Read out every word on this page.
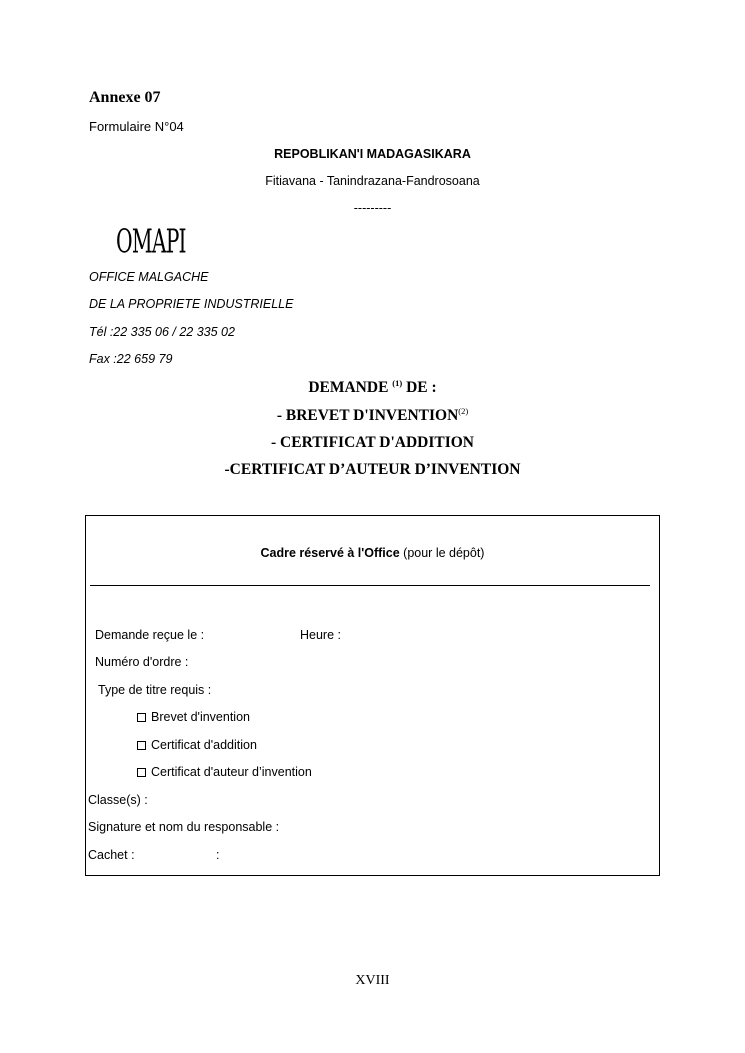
Annexe 07
Formulaire N°04
REPOBLIKAN'I MADAGASIKARA
Fitiavana - Tanindrazana-Fandrosoana
---------
OMAPI
OFFICE MALGACHE
DE LA PROPRIETE INDUSTRIELLE
Tél :22 335 06 / 22 335 02
Fax :22 659 79
DEMANDE $^{(1)}$ DE :
- BREVET D'INVENTION$^{(2)}$
- CERTIFICAT D'ADDITION
-CERTIFICAT D’AUTEUR D’INVENTION
Cadre réservé à l'Office (pour le dépôt)
Demande reçue le :	Heure :
Numéro d'ordre :
Type de titre requis :
Brevet d'invention
Certificat d'addition
Certificat d'auteur d’invention
Classe(s) :
Signature et nom du responsable :
Cachet :	:
XVIII
